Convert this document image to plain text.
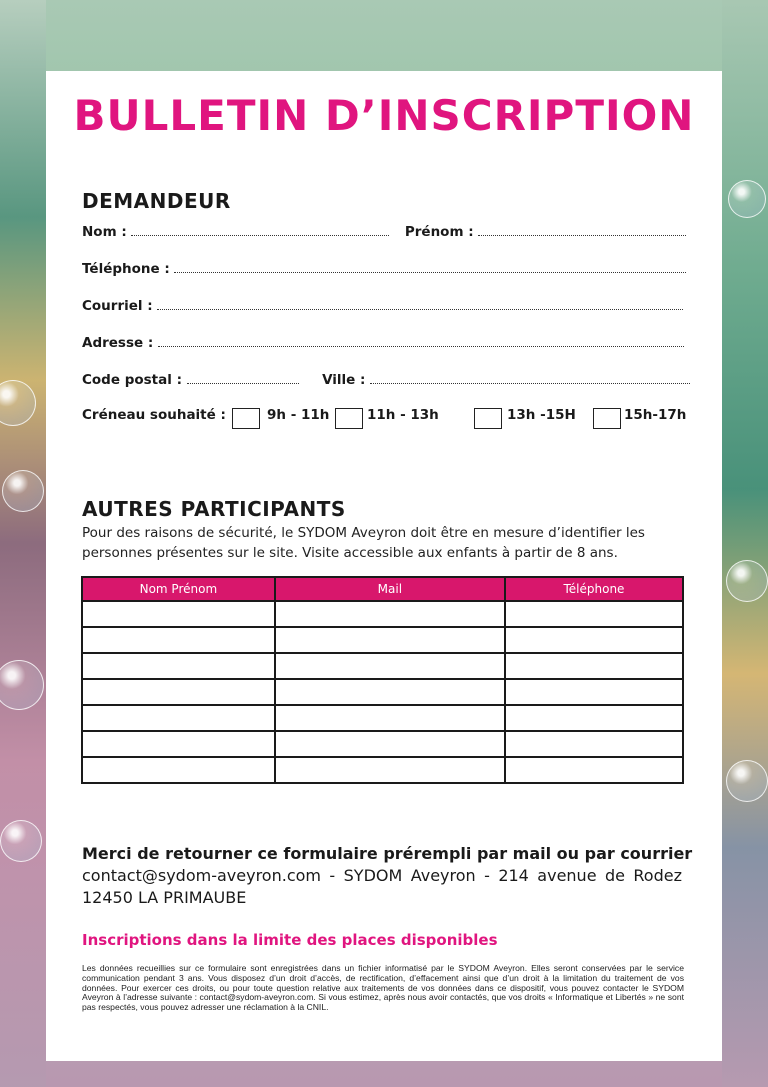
BULLETIN D’INSCRIPTION
DEMANDEUR
Nom :	Prénom :
Téléphone :
Courriel :
Adresse :
Code postal :	Ville :
Créneau souhaité :	9h - 11h	11h - 13h	13h -15H	15h-17h
AUTRES PARTICIPANTS
Pour des raisons de sécurité, le SYDOM Aveyron doit être en mesure d’identifier les personnes présentes sur le site. Visite accessible aux enfants à partir de 8 ans.
Nom Prénom	Mail	Téléphone

Merci de retourner ce formulaire prérempli par mail ou par courrier
contact@sydom-aveyron.com - SYDOM Aveyron - 214 avenue de Rodez 12450 LA PRIMAUBE
Inscriptions dans la limite des places disponibles
Les données recueillies sur ce formulaire sont enregistrées dans un fichier informatisé par le SYDOM Aveyron. Elles seront conservées par le service communication pendant 3 ans. Vous disposez d’un droit d’accès, de rectification, d’effacement ainsi que d’un droit à la limitation du traitement de vos données. Pour exercer ces droits, ou pour toute question relative aux traitements de vos données dans ce dispositif, vous pouvez contacter le SYDOM Aveyron à l’adresse suivante : contact@sydom-aveyron.com. Si vous estimez, après nous avoir contactés, que vos droits « Informatique et Libertés » ne sont pas respectés, vous pouvez adresser une réclamation à la CNIL.
